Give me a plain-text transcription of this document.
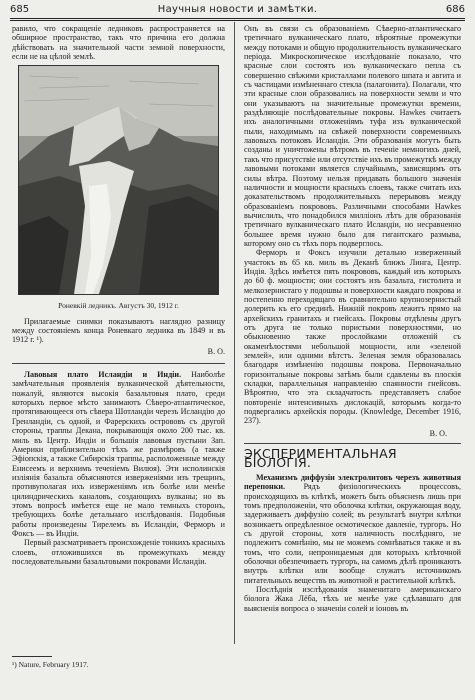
685	Научныя новости и замѣтки.	686

равило, что сокращеніе ледниковъ распространяется на обширное пространство, такъ что причина его должна дѣйствовать на значительной части земной поверхности, если не на цѣлой землѣ.

Роневкій ледникъ. Августъ 30, 1912 г.

Прилагаемые снимки показываютъ наглядно разницу между состояніемъ конца Роневкаго ледника въ 1849 и въ 1912 г. ¹).

В. О.

Лавовыя плато Исландіи и Индіи. Наиболѣе замѣчательныя проявленія вулканической дѣятельности, пожалуй, являются высокія базальтовыя плато, среди которыхъ первое мѣсто занимаютъ Сѣверо-атлантическое, протягивающееся отъ сѣвера Шотландіи черезъ Исландію до Гренландіи, съ одной, и Фарерскихъ острововъ съ другой стороны, траппы Декана, покрывающія около 200 тыс. кв. миль въ Центр. Индіи и большія лавовыя пустыни Зап. Америки приблизительно тѣхъ же размѣровъ (а также Эфіопскія, а также Сибирскія траппы, расположенные между Енисеемъ и верхнимъ теченіемъ Вилюя). Эти исполинскія изліянія базальта объясняются изверженіями изъ трещинъ, противуполагая ихъ изверженіямъ изъ болѣе или менѣе цилиндрическихъ каналовъ, создающихъ вулканы; но въ этомъ вопросѣ имѣется еще не мало темныхъ сторонъ, требующихъ болѣе детальнаго изслѣдованія. Подобныя работы произведены Тирелемъ въ Исландіи, Ферморъ и Фоксъ — въ Индіи.

Первый разсматриваетъ происхожденіе тонкихъ красныхъ слоевъ, отложившихся въ промежуткахъ между последовательными базальтовыми покровами Исландіи.

¹) Nature, February 1917.

Онъ въ связи съ образованіемъ Сѣверно-атлантическаго третичнаго вулканическаго плато, вѣроятные промежутки между потоками и общую продолжительность вулканическаго періода. Микроскопическое изслѣдованіе показало, что красные слои состоятъ изъ вулканическаго пепла съ совершенно свѣжими кристаллами полевого шпата и авгита и съ частицами измѣненнаго стекла (палагонита). Полагали, что эти красные слои образовались на поверхности земли и что они указываютъ на значительные промежутки времени, раздѣляющіе послѣдовательные покровы. Hawkes считаетъ ихъ аналогичными отложеніямъ туфа изъ вулканической пыли, находимымъ на свѣжей поверхности современныхъ лавовыхъ потоковъ Исландіи. Эти образованія могутъ быть созданы и уничтожены вѣтромъ въ теченіе немногихъ дней, такъ что присутствіе или отсутствіе ихъ въ промежуткѣ между лавовыми потоками является случайнымъ, зависящимъ отъ силы вѣтра. Поэтому нельзя придавать большого значенія наличности и мощности красныхъ слоевъ, также считать ихъ доказательствомъ продолжительныхъ перерывовъ между образованіемъ покрововъ. Различными способами Hawkes вычислилъ, что понадобился милліонъ лѣтъ для образованія третичнаго вулканическаго плато Исландіи, но несравненно большее время нужно было для гигантскаго размыва, которому оно съ тѣхъ поръ подверглось.

Ферморъ и Фоксъ изучили детально изверженный участокъ въ 65 кв. миль въ Деканѣ ближъ Линга, Центр. Индія. Здѣсь имѣется пять покрововъ, каждый изъ которыхъ до 60 ф. мощности; они состоятъ изъ базальта, гистолита и мелкозернистаго у подошвы и поверхности каждаго покрова и постепенно переходящаго въ сравнительно крупнозернистый долерить къ его срединѣ. Нижній покровъ лежитъ прямо на архейскихъ гранитахъ и гнейсахъ. Покровы отдѣлены другъ отъ друга не только пористыми поверхностями, но обыкновенно также прослойками отложеній съ окаменѣлостями небольшой мощности, или «зеленой землей», или одними вѣтстъ. Зеленая земля образовалась благодаря измѣненію подошвы покрова. Первоначально горизонтальные покровы затѣмъ были сдавлены въ плоскія складки, параллельныя направленію спаянности гнейсовъ. Вѣроятно, что эта складчатость представляетъ слабое повтореніе интенсивныхъ дислокацій, которымъ когда-то подвергались архейскія породы. (Knowledge, December 1916, 237).

В. О.

ЭКСПЕРИМЕНТАЛЬНАЯ БІОЛОГІЯ.

Механизмъ диффузіи электролитовъ черезъ животныя перепонки. Рядъ физіологическихъ процессовъ, происходящихъ въ клѣткѣ, можетъ быть объясненъ лишь при томъ предположеніи, что оболочка клѣтки, окружающая воду, задерживаетъ диффузію солей; въ результатѣ внутри клѣтки возникаетъ опредѣленное осмотическое давленіе, тургоръ. Но съ другой стороны, хотя наличность послѣдняго, не подлежитъ сомнѣнію, мы не можемъ сомнѣваться также и въ томъ, что соли, непроницаемыя для которыхъ клѣточной оболочки обезпечиваетъ тургоръ, на самомъ дѣлѣ проникаютъ внутрь клѣтки или вообще служатъ источникомъ питательныхъ веществъ въ животной и растительной клѣткѣ.

Послѣднія изслѣдованія знаменитаго американскаго біолога Жака Лёба, тѣхъ не менѣе уже сдѣлавшаго для выясненія вопроса о значеніи солей и іоновъ въ
